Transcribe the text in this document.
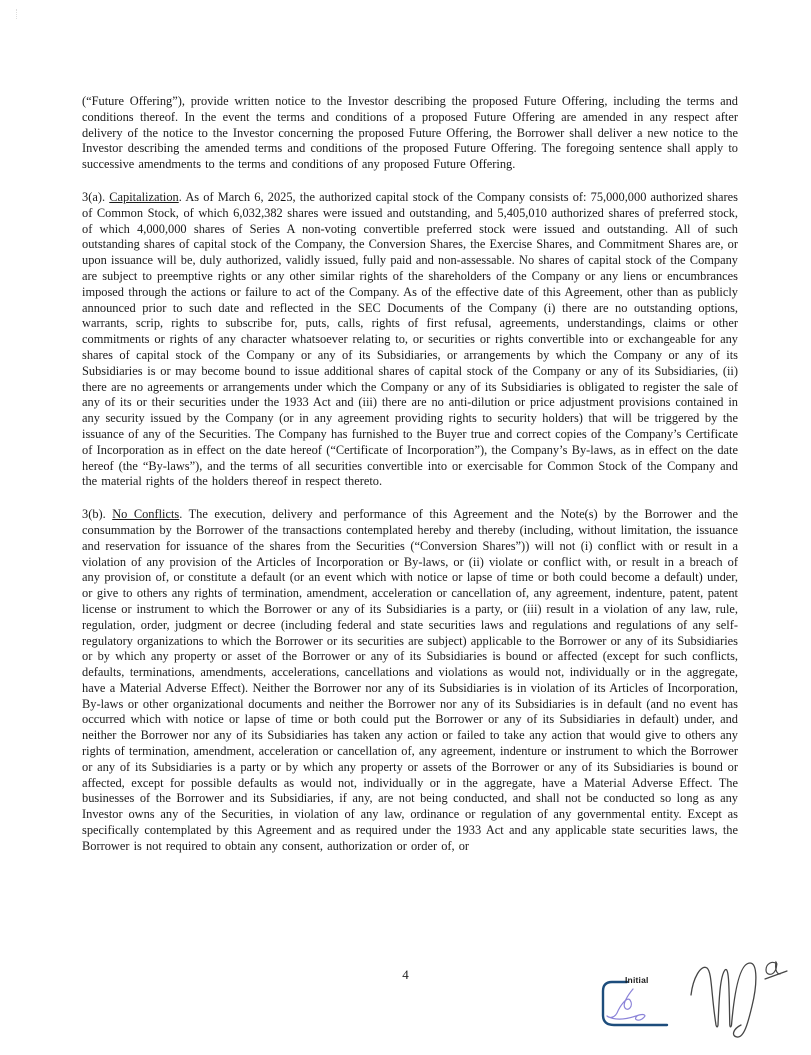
(“Future Offering”), provide written notice to the Investor describing the proposed Future Offering, including the terms and conditions thereof. In the event the terms and conditions of a proposed Future Offering are amended in any respect after delivery of the notice to the Investor concerning the proposed Future Offering, the Borrower shall deliver a new notice to the Investor describing the amended terms and conditions of the proposed Future Offering. The foregoing sentence shall apply to successive amendments to the terms and conditions of any proposed Future Offering.

3(a). Capitalization. As of March 6, 2025, the authorized capital stock of the Company consists of: 75,000,000 authorized shares of Common Stock, of which 6,032,382 shares were issued and outstanding, and 5,405,010 authorized shares of preferred stock, of which 4,000,000 shares of Series A non-voting convertible preferred stock were issued and outstanding. All of such outstanding shares of capital stock of the Company, the Conversion Shares, the Exercise Shares, and Commitment Shares are, or upon issuance will be, duly authorized, validly issued, fully paid and non-assessable. No shares of capital stock of the Company are subject to preemptive rights or any other similar rights of the shareholders of the Company or any liens or encumbrances imposed through the actions or failure to act of the Company. As of the effective date of this Agreement, other than as publicly announced prior to such date and reflected in the SEC Documents of the Company (i) there are no outstanding options, warrants, scrip, rights to subscribe for, puts, calls, rights of first refusal, agreements, understandings, claims or other commitments or rights of any character whatsoever relating to, or securities or rights convertible into or exchangeable for any shares of capital stock of the Company or any of its Subsidiaries, or arrangements by which the Company or any of its Subsidiaries is or may become bound to issue additional shares of capital stock of the Company or any of its Subsidiaries, (ii) there are no agreements or arrangements under which the Company or any of its Subsidiaries is obligated to register the sale of any of its or their securities under the 1933 Act and (iii) there are no anti-dilution or price adjustment provisions contained in any security issued by the Company (or in any agreement providing rights to security holders) that will be triggered by the issuance of any of the Securities. The Company has furnished to the Buyer true and correct copies of the Company’s Certificate of Incorporation as in effect on the date hereof (“Certificate of Incorporation”), the Company’s By-laws, as in effect on the date hereof (the “By-laws”), and the terms of all securities convertible into or exercisable for Common Stock of the Company and the material rights of the holders thereof in respect thereto.

3(b). No Conflicts. The execution, delivery and performance of this Agreement and the Note(s) by the Borrower and the consummation by the Borrower of the transactions contemplated hereby and thereby (including, without limitation, the issuance and reservation for issuance of the shares from the Securities (“Conversion Shares”)) will not (i) conflict with or result in a violation of any provision of the Articles of Incorporation or By-laws, or (ii) violate or conflict with, or result in a breach of any provision of, or constitute a default (or an event which with notice or lapse of time or both could become a default) under, or give to others any rights of termination, amendment, acceleration or cancellation of, any agreement, indenture, patent, patent license or instrument to which the Borrower or any of its Subsidiaries is a party, or (iii) result in a violation of any law, rule, regulation, order, judgment or decree (including federal and state securities laws and regulations and regulations of any self-regulatory organizations to which the Borrower or its securities are subject) applicable to the Borrower or any of its Subsidiaries or by which any property or asset of the Borrower or any of its Subsidiaries is bound or affected (except for such conflicts, defaults, terminations, amendments, accelerations, cancellations and violations as would not, individually or in the aggregate, have a Material Adverse Effect). Neither the Borrower nor any of its Subsidiaries is in violation of its Articles of Incorporation, By-laws or other organizational documents and neither the Borrower nor any of its Subsidiaries is in default (and no event has occurred which with notice or lapse of time or both could put the Borrower or any of its Subsidiaries in default) under, and neither the Borrower nor any of its Subsidiaries has taken any action or failed to take any action that would give to others any rights of termination, amendment, acceleration or cancellation of, any agreement, indenture or instrument to which the Borrower or any of its Subsidiaries is a party or by which any property or assets of the Borrower or any of its Subsidiaries is bound or affected, except for possible defaults as would not, individually or in the aggregate, have a Material Adverse Effect. The businesses of the Borrower and its Subsidiaries, if any, are not being conducted, and shall not be conducted so long as any Investor owns any of the Securities, in violation of any law, ordinance or regulation of any governmental entity. Except as specifically contemplated by this Agreement and as required under the 1933 Act and any applicable state securities laws, the Borrower is not required to obtain any consent, authorization or order of, or

4	Initial
